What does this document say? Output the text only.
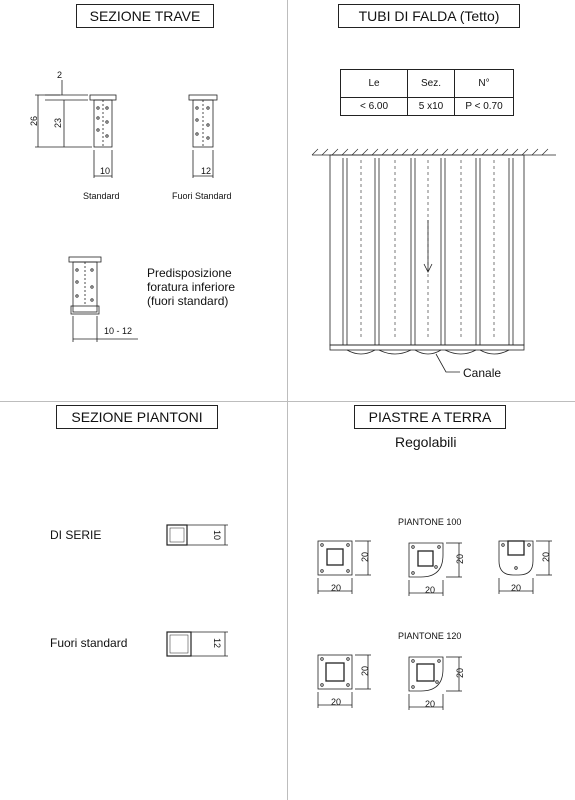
SEZIONE TRAVE	TUBI DI FALDA (Tetto)
SEZIONE PIANTONI	PIASTRE A TERRA
Le	Sez.	N°
< 6.00	5 x10	P < 0.70
Standard	Fuori Standard
Predisposizione
foratura inferiore
(fuori standard)
Canale
DI SERIE
Fuori standard
Regolabili
PIANTONE 100
PIANTONE 120
2
26 23
10	12
10 - 12
10
12
20
20
20
20
20
20
20
20
20
20
